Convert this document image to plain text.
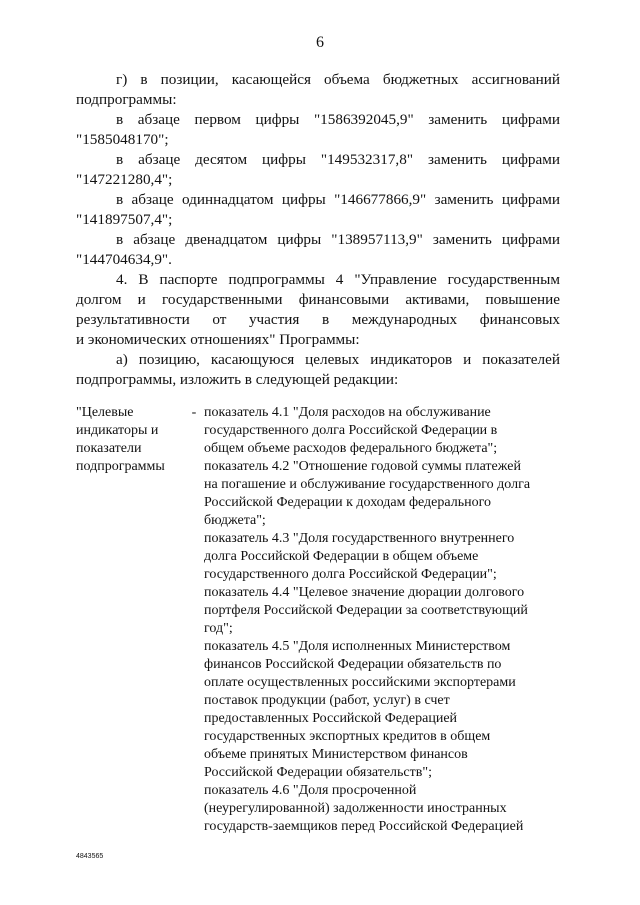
6

г) в позиции, касающейся объема бюджетных ассигнований

подпрограммы:

в абзаце первом цифры "1586392045,9" заменить цифрами

"1585048170";

в абзаце десятом цифры "149532317,8" заменить цифрами

"147221280,4";

в абзаце одиннадцатом цифры "146677866,9" заменить цифрами

"141897507,4";

в абзаце двенадцатом цифры "138957113,9" заменить цифрами

"144704634,9".

4. В паспорте подпрограммы 4 "Управление государственным

долгом и государственными финансовыми активами, повышение

результативности от участия в международных финансовых

и экономических отношениях" Программы:

а) позицию, касающуюся целевых индикаторов и показателей

подпрограммы, изложить в следующей редакции:

"Целевые
индикаторы и
показатели
подпрограммы
- показатель 4.1 "Доля расходов на обслуживание
государственного долга Российской Федерации в
общем объеме расходов федерального бюджета";
показатель 4.2 "Отношение годовой суммы платежей
на погашение и обслуживание государственного долга
Российской Федерации к доходам федерального
бюджета";
показатель 4.3 "Доля государственного внутреннего
долга Российской Федерации в общем объеме
государственного долга Российской Федерации";
показатель 4.4 "Целевое значение дюрации долгового
портфеля Российской Федерации за соответствующий
год";
показатель 4.5 "Доля исполненных Министерством
финансов Российской Федерации обязательств по
оплате осуществленных российскими экспортерами
поставок продукции (работ, услуг) в счет
предоставленных Российской Федерацией
государственных экспортных кредитов в общем
объеме принятых Министерством финансов
Российской Федерации обязательств";
показатель 4.6 "Доля просроченной
(неурегулированной) задолженности иностранных
государств-заемщиков перед Российской Федерацией
4843565
